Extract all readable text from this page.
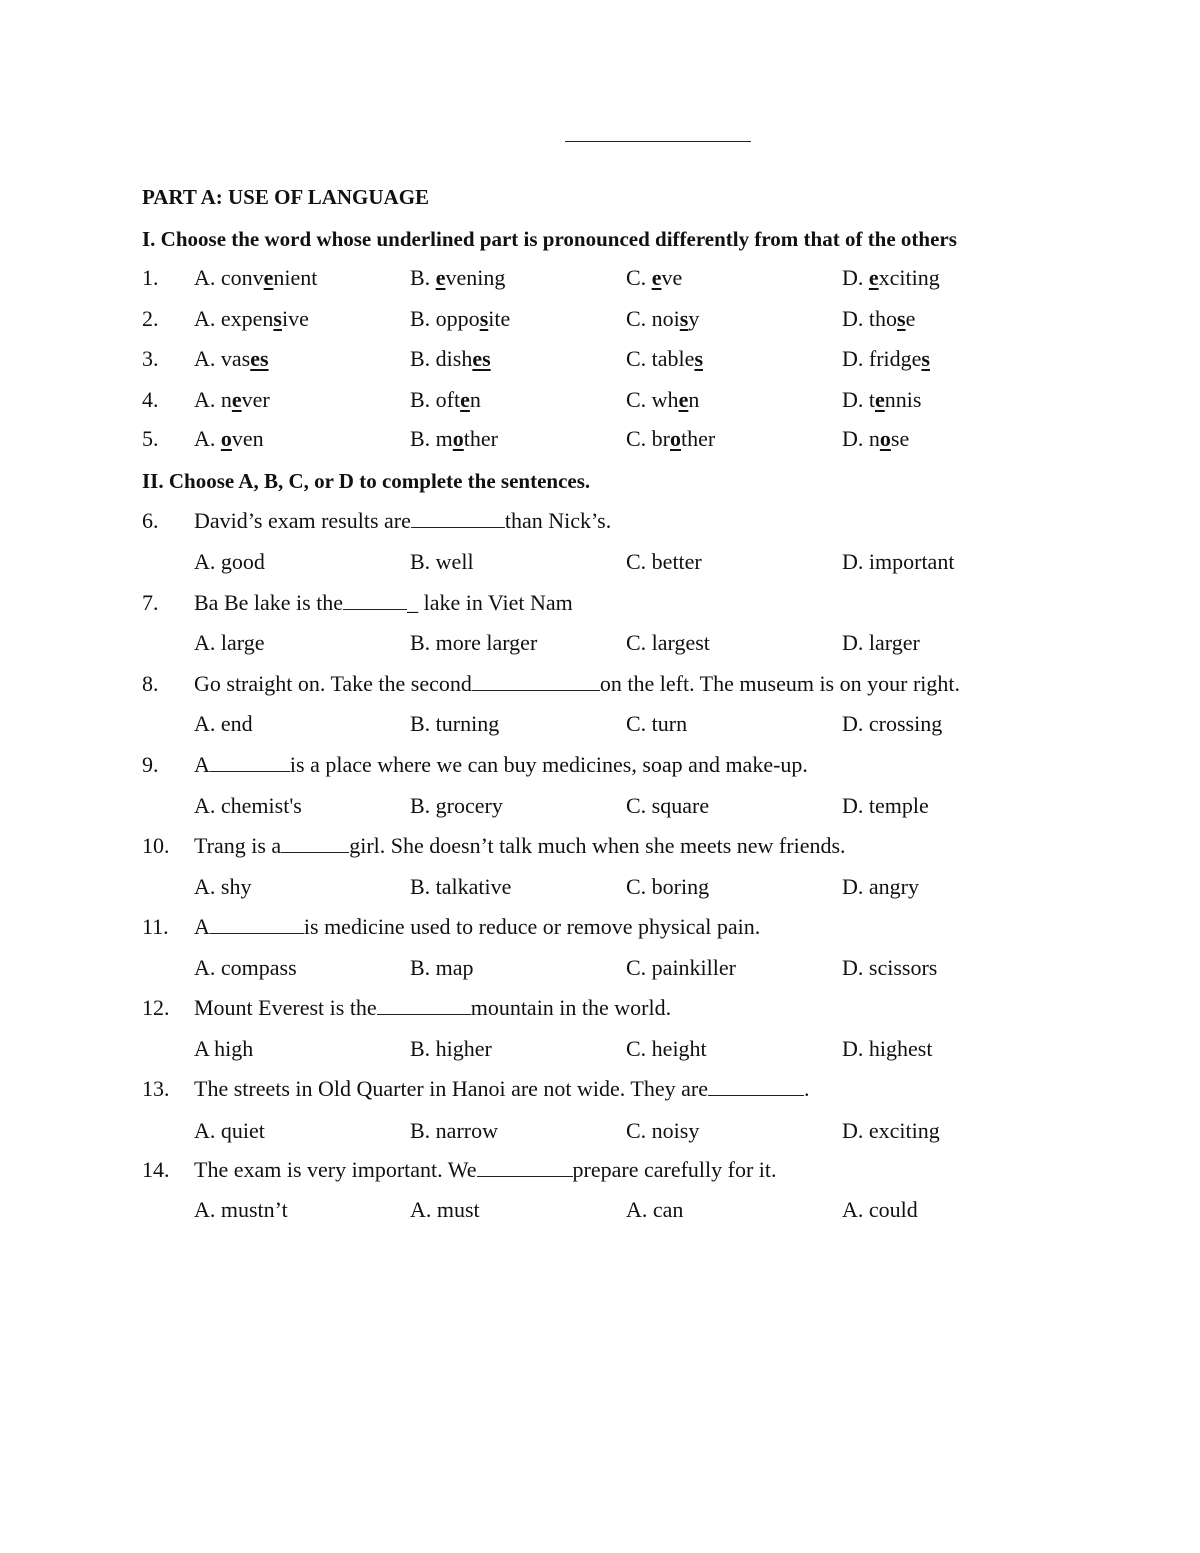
PART A: USE OF LANGUAGE
I. Choose the word whose underlined part is pronounced differently from that of the others
1. A. convenient	B. evening	C. eve	D. exciting
2. A. expensive	B. opposite	C. noisy	D. those
3. A. vases	B. dishes	C. tables	D. fridges
4. A. never	B. often	C. when	D. tennis
5. A. oven	B. mother	C. brother	D. nose
II. Choose A, B, C, or D to complete the sentences.
6. David’s exam results are	than Nick’s.
A. good	B. well	C. better	D. important
7. Ba Be lake is the	_ lake in Viet Nam
A. large	B. more larger	C. largest	D. larger
8. Go straight on. Take the second	on the left. The museum is on your right.
A. end	B. turning	C. turn	D. crossing
9. A	is a place where we can buy medicines, soap and make-up.
A. chemist's	B. grocery	C. square	D. temple
10. Trang is a	girl. She doesn’t talk much when she meets new friends.
A. shy	B. talkative	C. boring	D. angry
11. A	is medicine used to reduce or remove physical pain.
A. compass	B. map	C. painkiller	D. scissors
12. Mount Everest is the	mountain in the world.
A high	B. higher	C. height	D. highest
13. The streets in Old Quarter in Hanoi are not wide. They are	.
A. quiet	B. narrow	C. noisy	D. exciting
14. The exam is very important. We	prepare carefully for it.
A. mustn’t	A. must	A. can	A. could
